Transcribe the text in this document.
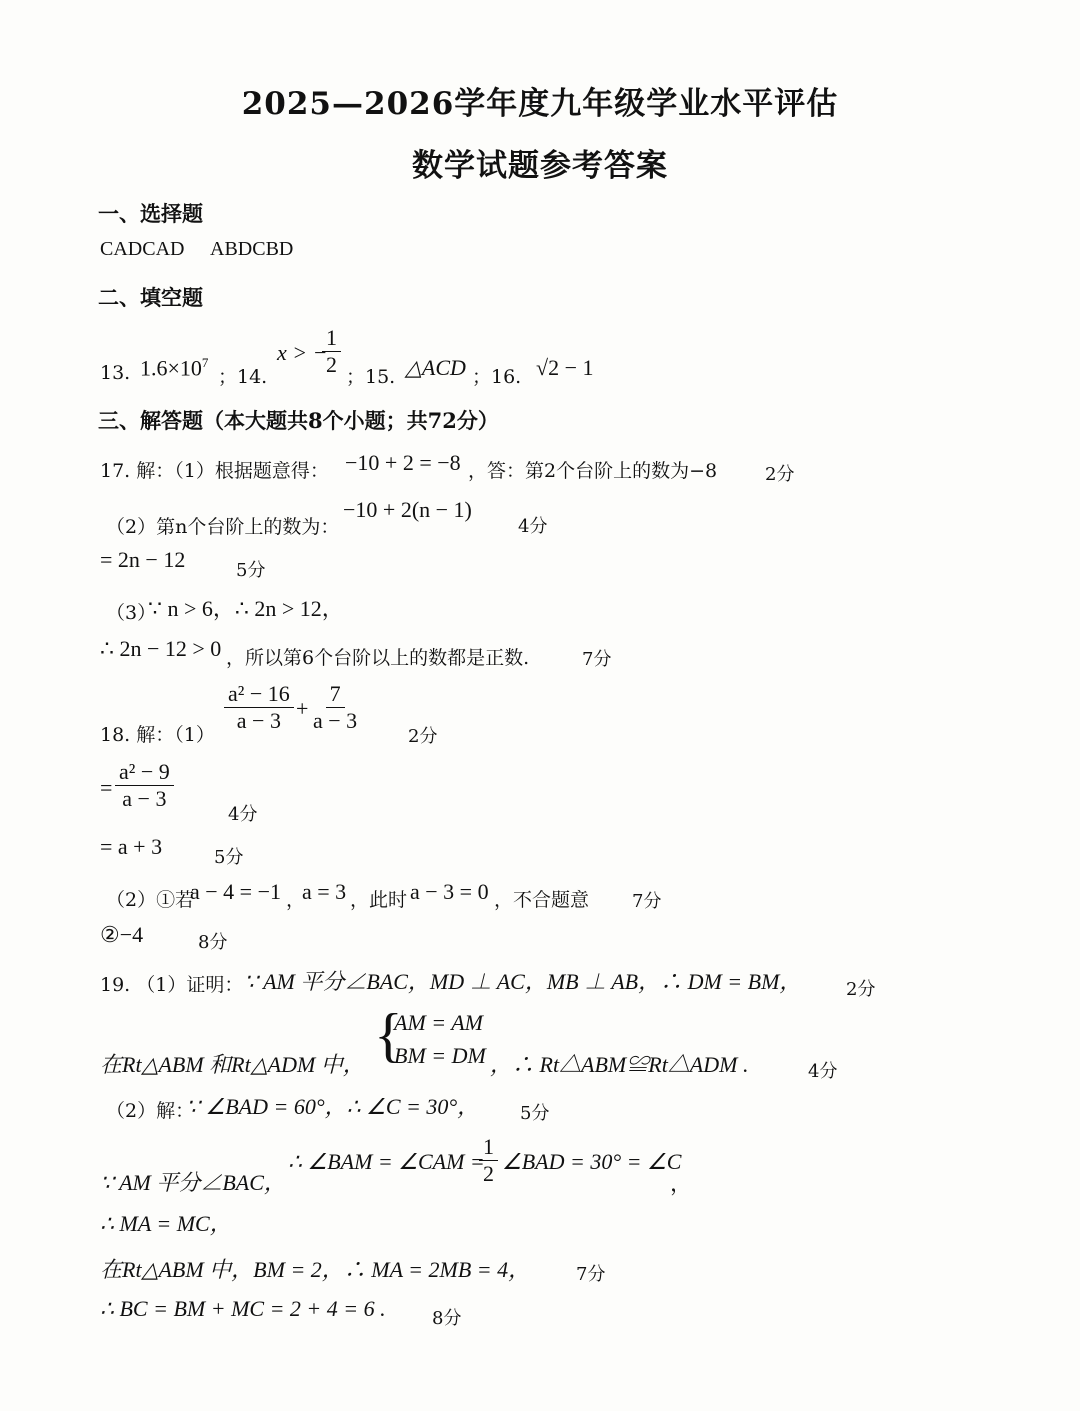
2025—2026学年度九年级学业水平评估
数学试题参考答案
一、选择题
CADCAD ABDCBD
二、填空题
13. $1.6\times 10^7$
；14.
x > −
$\frac{1}{2}$ ；15. △ACD ；16. √2 − 1
三、解答题（本大题共8个小题；共72分）
17. 解：（1）根据题意得： −10 + 2 = −8 ，答：第2个台阶上的数为−8	2分
（2）第n个台阶上的数为：
−10 + 2(n − 1)
4分
= 2n − 12	5分
（3）
∵ n > 6，∴ 2n > 12，
∴ 2n − 12 > 0 ，所以第6个台阶以上的数都是正数.	7分
18. 解：（1）
$\frac{\text{a² − 16}}{a - 3} + \frac{7}{a - 3}$
2分
= $\frac{\text{a² − 9}}{a - 3}$
4分
= a + 3	5分
（2）①若
a − 4 = −1 ，
a = 3 ，此时 a − 3 = 0 ，不合题意 7分
②−4	8分
19. （1）证明： ∵ AM 平分∠BAC，MD ⊥ AC，MB ⊥ AB，∴ DM = BM， 2分
在Rt△ABM 和Rt△ADM 中， {
AM = AM
BM = DM ，∴ Rt△ABM≌Rt△ADM .	4分
（2）解：
∵ ∠BAD = 60°，∴ ∠C = 30°， 5分
∵ AM 平分∠BAC，
∴ ∠BAM = ∠CAM =
$\frac{1}{2}$ ∠BAD = 30° = ∠C
，
∴ MA = MC，
在Rt△ABM 中，BM = 2，∴ MA = 2MB = 4，	7分
∴ BC = BM + MC = 2 + 4 = 6 .	8分
